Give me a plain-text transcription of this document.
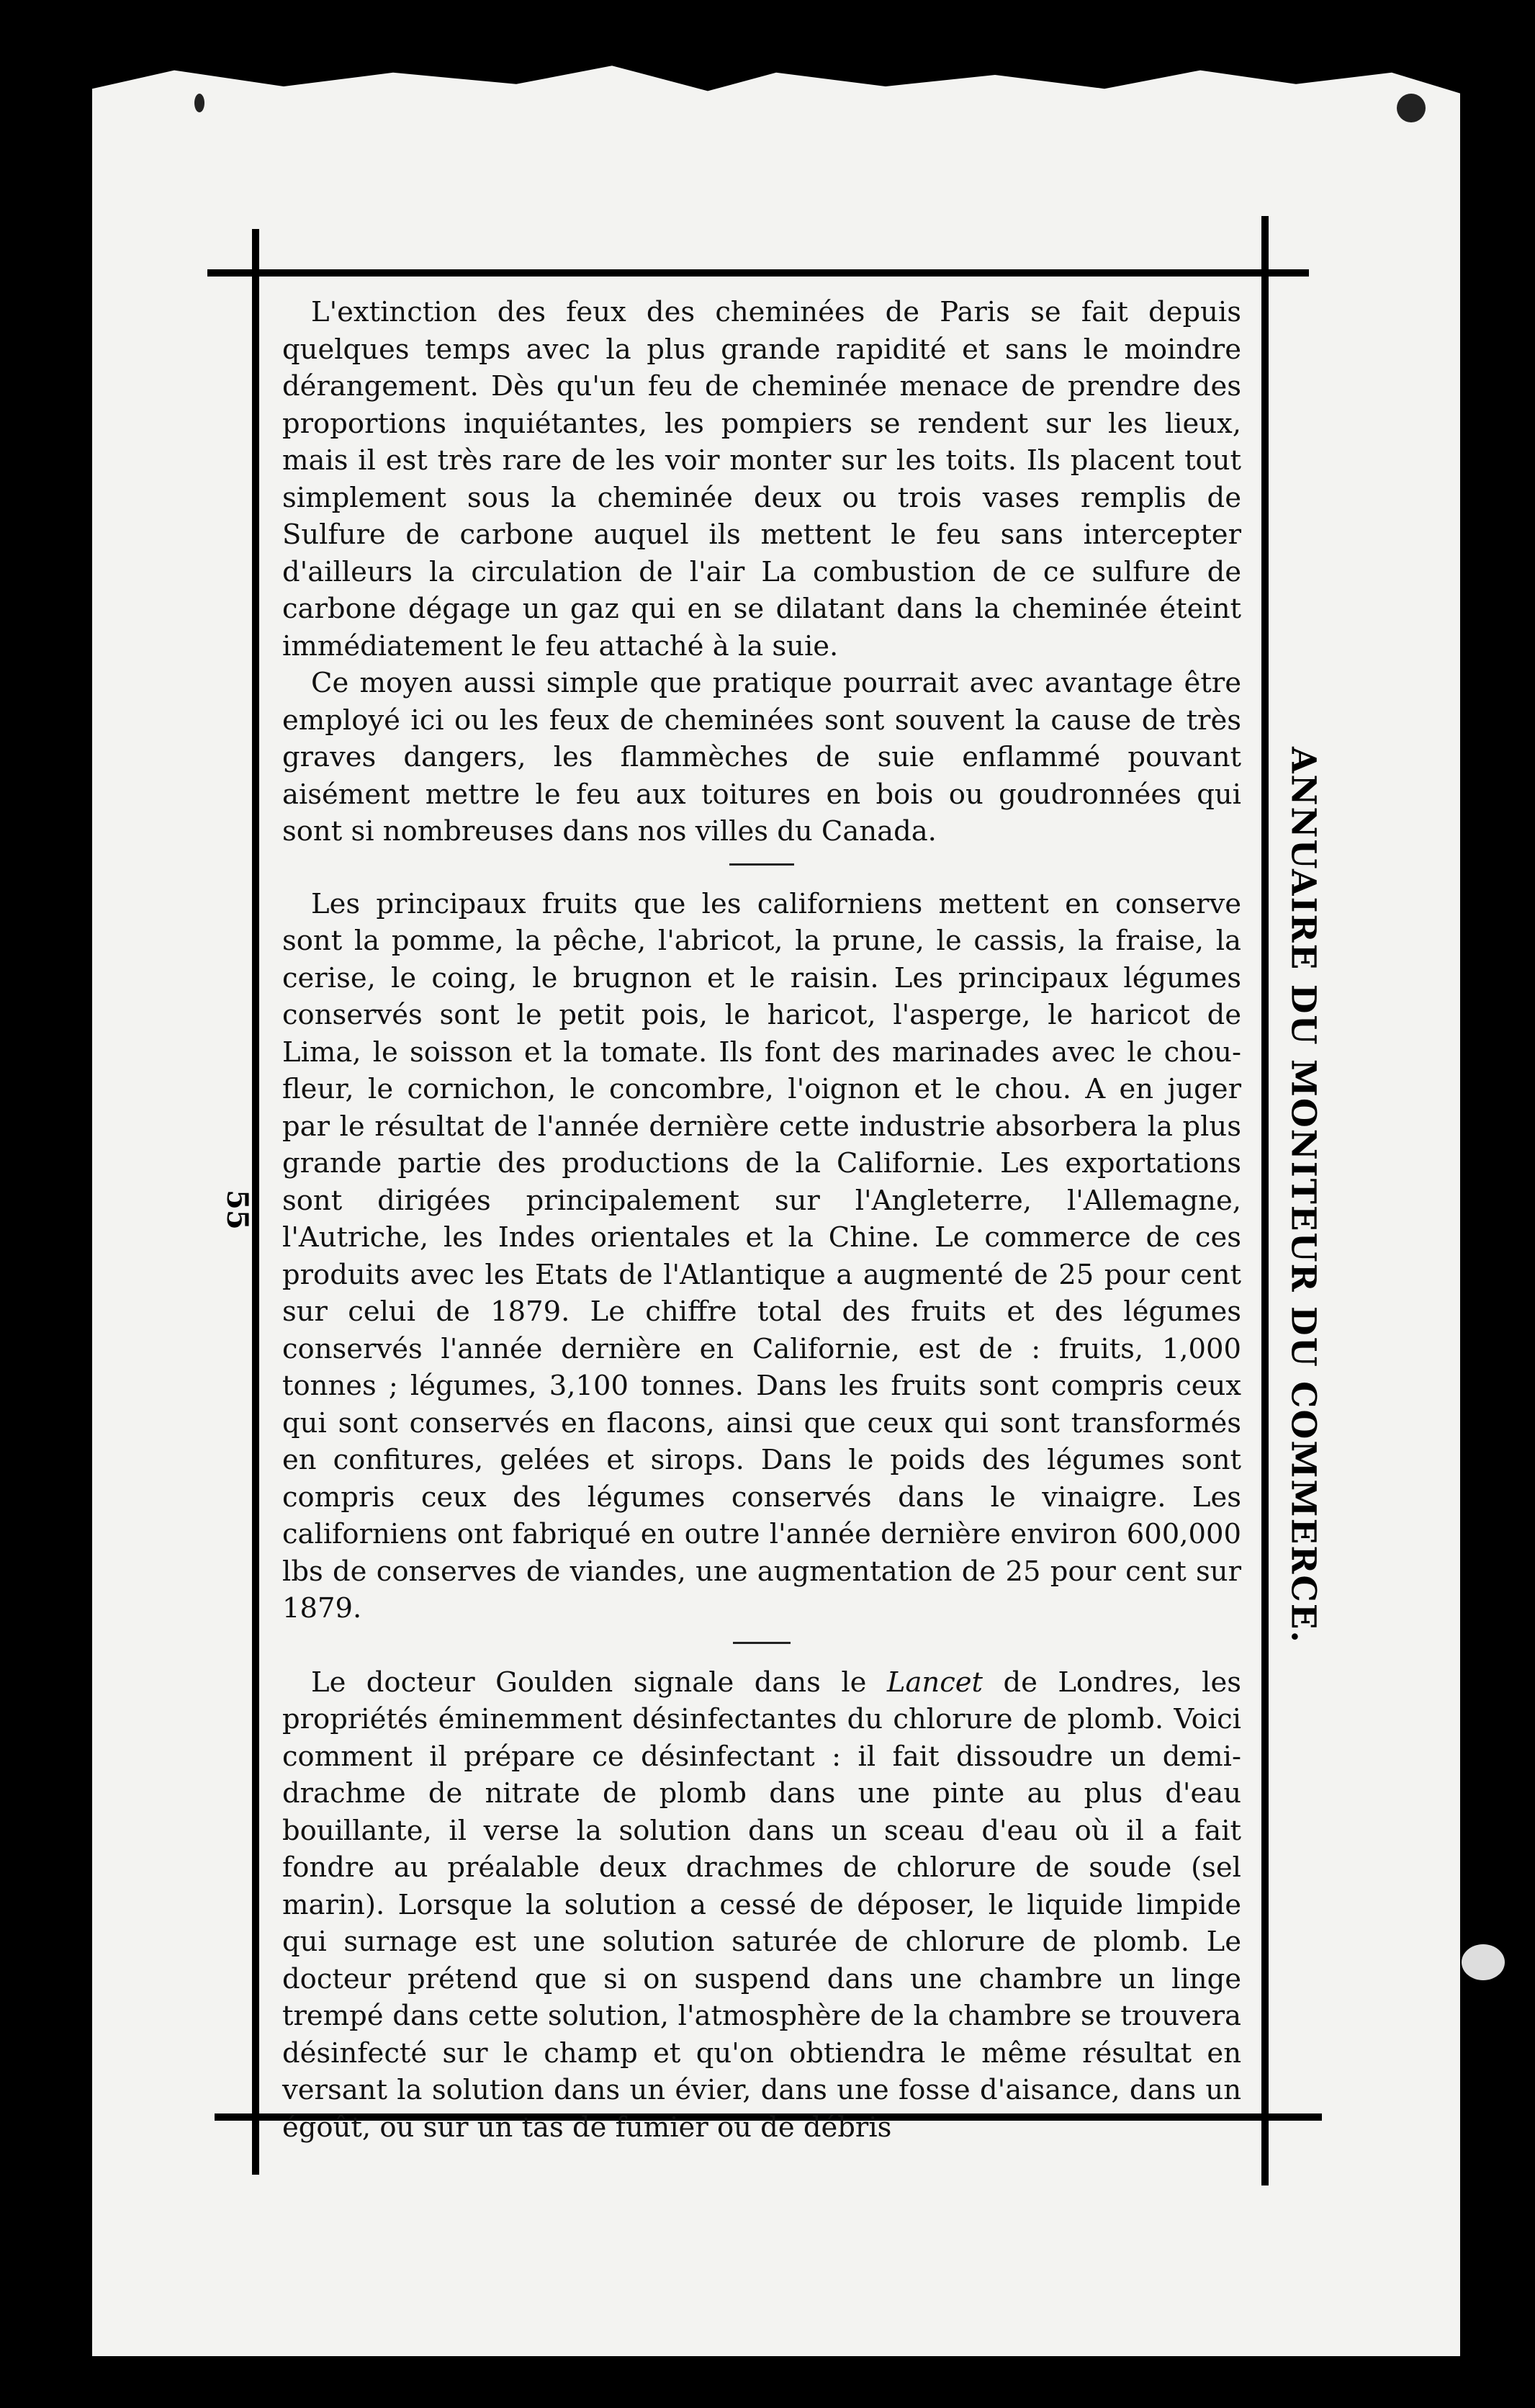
55	ANNUAIRE DU MONITEUR DU COMMERCE.

L'extinction des feux des cheminées de Paris se fait depuis quelques temps avec la plus grande rapidité et sans le moindre dérangement. Dès qu'un feu de cheminée menace de prendre des proportions inquiétantes, les pompiers se rendent sur les lieux, mais il est très rare de les voir monter sur les toits. Ils placent tout simplement sous la cheminée deux ou trois vases remplis de Sulfure de carbone auquel ils mettent le feu sans intercepter d'ailleurs la circulation de l'air La combustion de ce sulfure de carbone dégage un gaz qui en se dilatant dans la cheminée éteint immédiatement le feu attaché à la suie.

Ce moyen aussi simple que pratique pourrait avec avantage être employé ici ou les feux de cheminées sont souvent la cause de très graves dangers, les flammèches de suie enflammé pouvant aisément mettre le feu aux toitures en bois ou goudronnées qui sont si nombreuses dans nos villes du Canada.

Les principaux fruits que les californiens mettent en conserve sont la pomme, la pêche, l'abricot, la prune, le cassis, la fraise, la cerise, le coing, le brugnon et le raisin. Les principaux légumes conservés sont le petit pois, le haricot, l'asperge, le haricot de Lima, le soisson et la tomate. Ils font des marinades avec le chou-fleur, le cornichon, le concombre, l'oignon et le chou. A en juger par le résultat de l'année dernière cette industrie absorbera la plus grande partie des productions de la Californie. Les exportations sont dirigées principalement sur l'Angleterre, l'Allemagne, l'Autriche, les Indes orientales et la Chine. Le commerce de ces produits avec les Etats de l'Atlantique a augmenté de 25 pour cent sur celui de 1879. Le chiffre total des fruits et des légumes conservés l'année dernière en Californie, est de : fruits, 1,000 tonnes ; légumes, 3,100 tonnes. Dans les fruits sont compris ceux qui sont conservés en flacons, ainsi que ceux qui sont transformés en confitures, gelées et sirops. Dans le poids des légumes sont compris ceux des légumes conservés dans le vinaigre. Les californiens ont fabriqué en outre l'année dernière environ 600,000 lbs de conserves de viandes, une augmentation de 25 pour cent sur 1879.

Le docteur Goulden signale dans le Lancet de Londres, les propriétés éminemment désinfectantes du chlorure de plomb. Voici comment il prépare ce désinfectant : il fait dissoudre un demi-drachme de nitrate de plomb dans une pinte au plus d'eau bouillante, il verse la solution dans un sceau d'eau où il a fait fondre au préalable deux drachmes de chlorure de soude (sel marin). Lorsque la solution a cessé de déposer, le liquide limpide qui surnage est une solution saturée de chlorure de plomb. Le docteur prétend que si on suspend dans une chambre un linge trempé dans cette solution, l'atmosphère de la chambre se trouvera désinfecté sur le champ et qu'on obtiendra le même résultat en versant la solution dans un évier, dans une fosse d'aisance, dans un égoût, ou sur un tas de fumier ou de débris
